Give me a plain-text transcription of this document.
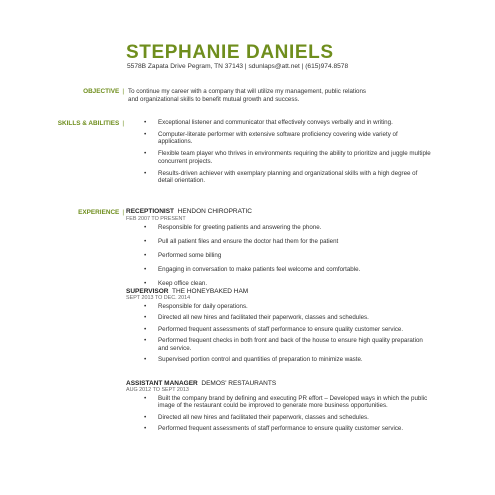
STEPHANIE DANIELS
5578B Zapata Drive Pegram, TN 37143 | sdunlaps@att.net | (615)974.8578
OBJECTIVE | To continue my career with a company that will utilize my management, public relations and organizational skills to benefit mutual growth and success.
SKILLS & ABILITIES |
•	Exceptional listener and communicator that effectively conveys verbally and in writing.
• Computer-literate performer with extensive software proficiency covering wide variety of applications.
• Flexible team player who thrives in environments requiring the ability to prioritize and juggle multiple concurrent projects.
• Results-driven achiever with exemplary planning and organizational skills with a high degree of detail orientation.
EXPERIENCE | RECEPTIONIST HENDON CHIROPRATIC
FEB 2007 TO PRESENT
• Responsible for greeting patients and answering the phone.
• Pull all patient files and ensure the doctor had them for the patient
• Performed some billing
• Engaging in conversation to make patients feel welcome and comfortable.
• Keep office clean.
SUPERVISOR THE HONEYBAKED HAM
SEPT 2013 TO DEC. 2014
• Responsible for daily operations.
• Directed all new hires and facilitated their paperwork, classes and schedules.
• Performed frequent assessments of staff performance to ensure quality customer service.
• Performed frequent checks in both front and back of the house to ensure high quality preparation and service.
• Supervised portion control and quantities of preparation to minimize waste.
ASSISTANT MANAGER DEMOS' RESTAURANTS
AUG 2012 TO SEPT 2013
• Built the company brand by defining and executing PR effort – Developed ways in which the public image of the restaurant could be improved to generate more business opportunities.
• Directed all new hires and facilitated their paperwork, classes and schedules.
• Performed frequent assessments of staff performance to ensure quality customer service.
